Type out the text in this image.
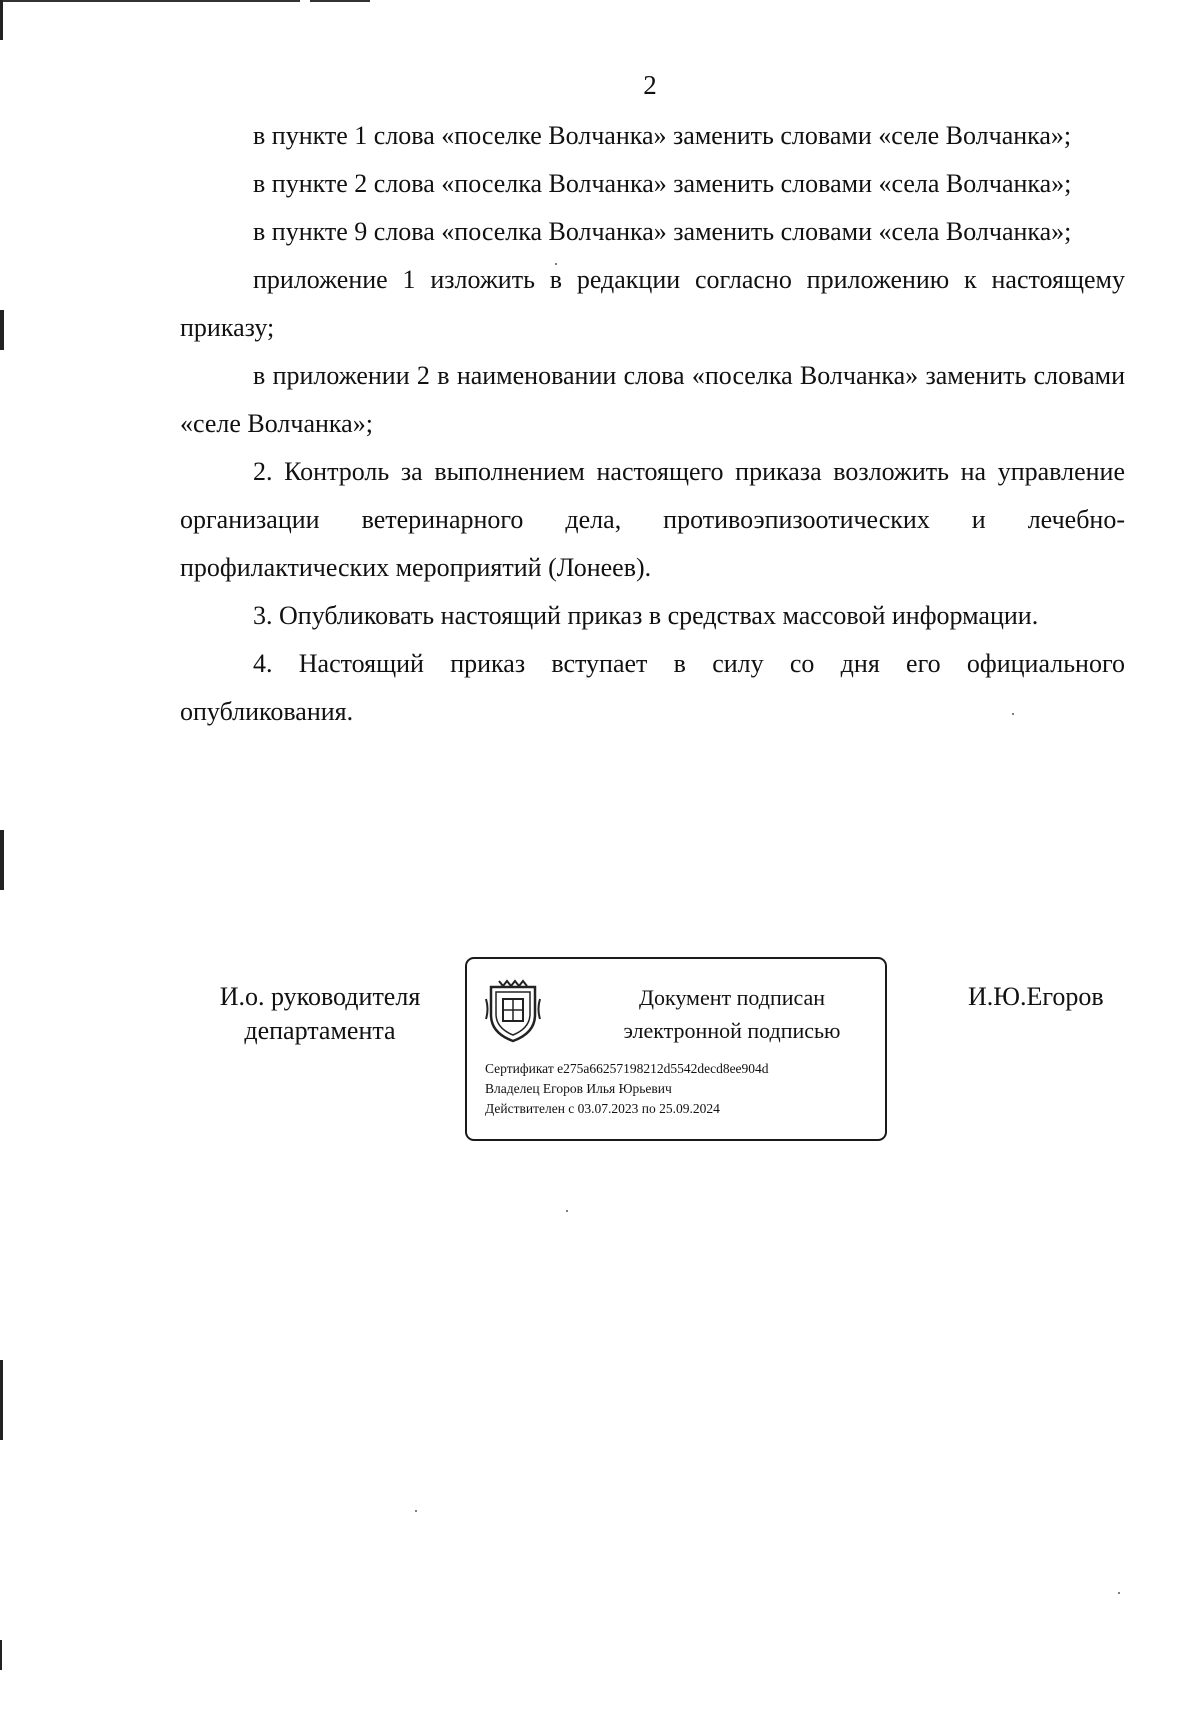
2

в пункте 1 слова «поселке Волчанка» заменить словами «селе Волчанка»;

в пункте 2 слова «поселка Волчанка» заменить словами «села Волчанка»;

в пункте 9 слова «поселка Волчанка» заменить словами «села Волчанка»;

приложение 1 изложить в редакции согласно приложению к настоящему приказу;

в приложении 2 в наименовании слова «поселка Волчанка» заменить словами «селе Волчанка»;

2. Контроль за выполнением настоящего приказа возложить на управление организации ветеринарного дела, противоэпизоотических и лечебно-профилактических мероприятий (Лонеев).

3. Опубликовать настоящий приказ в средствах массовой информации.

4. Настоящий приказ вступает в силу со дня его официального опубликования.

И.о. руководителя
департамента
Документ подписан
электронной подписью
Сертификат e275a66257198212d5542decd8ee904d
Владелец Егоров Илья Юрьевич
Действителен с 03.07.2023 по 25.09.2024
И.Ю.Егоров
